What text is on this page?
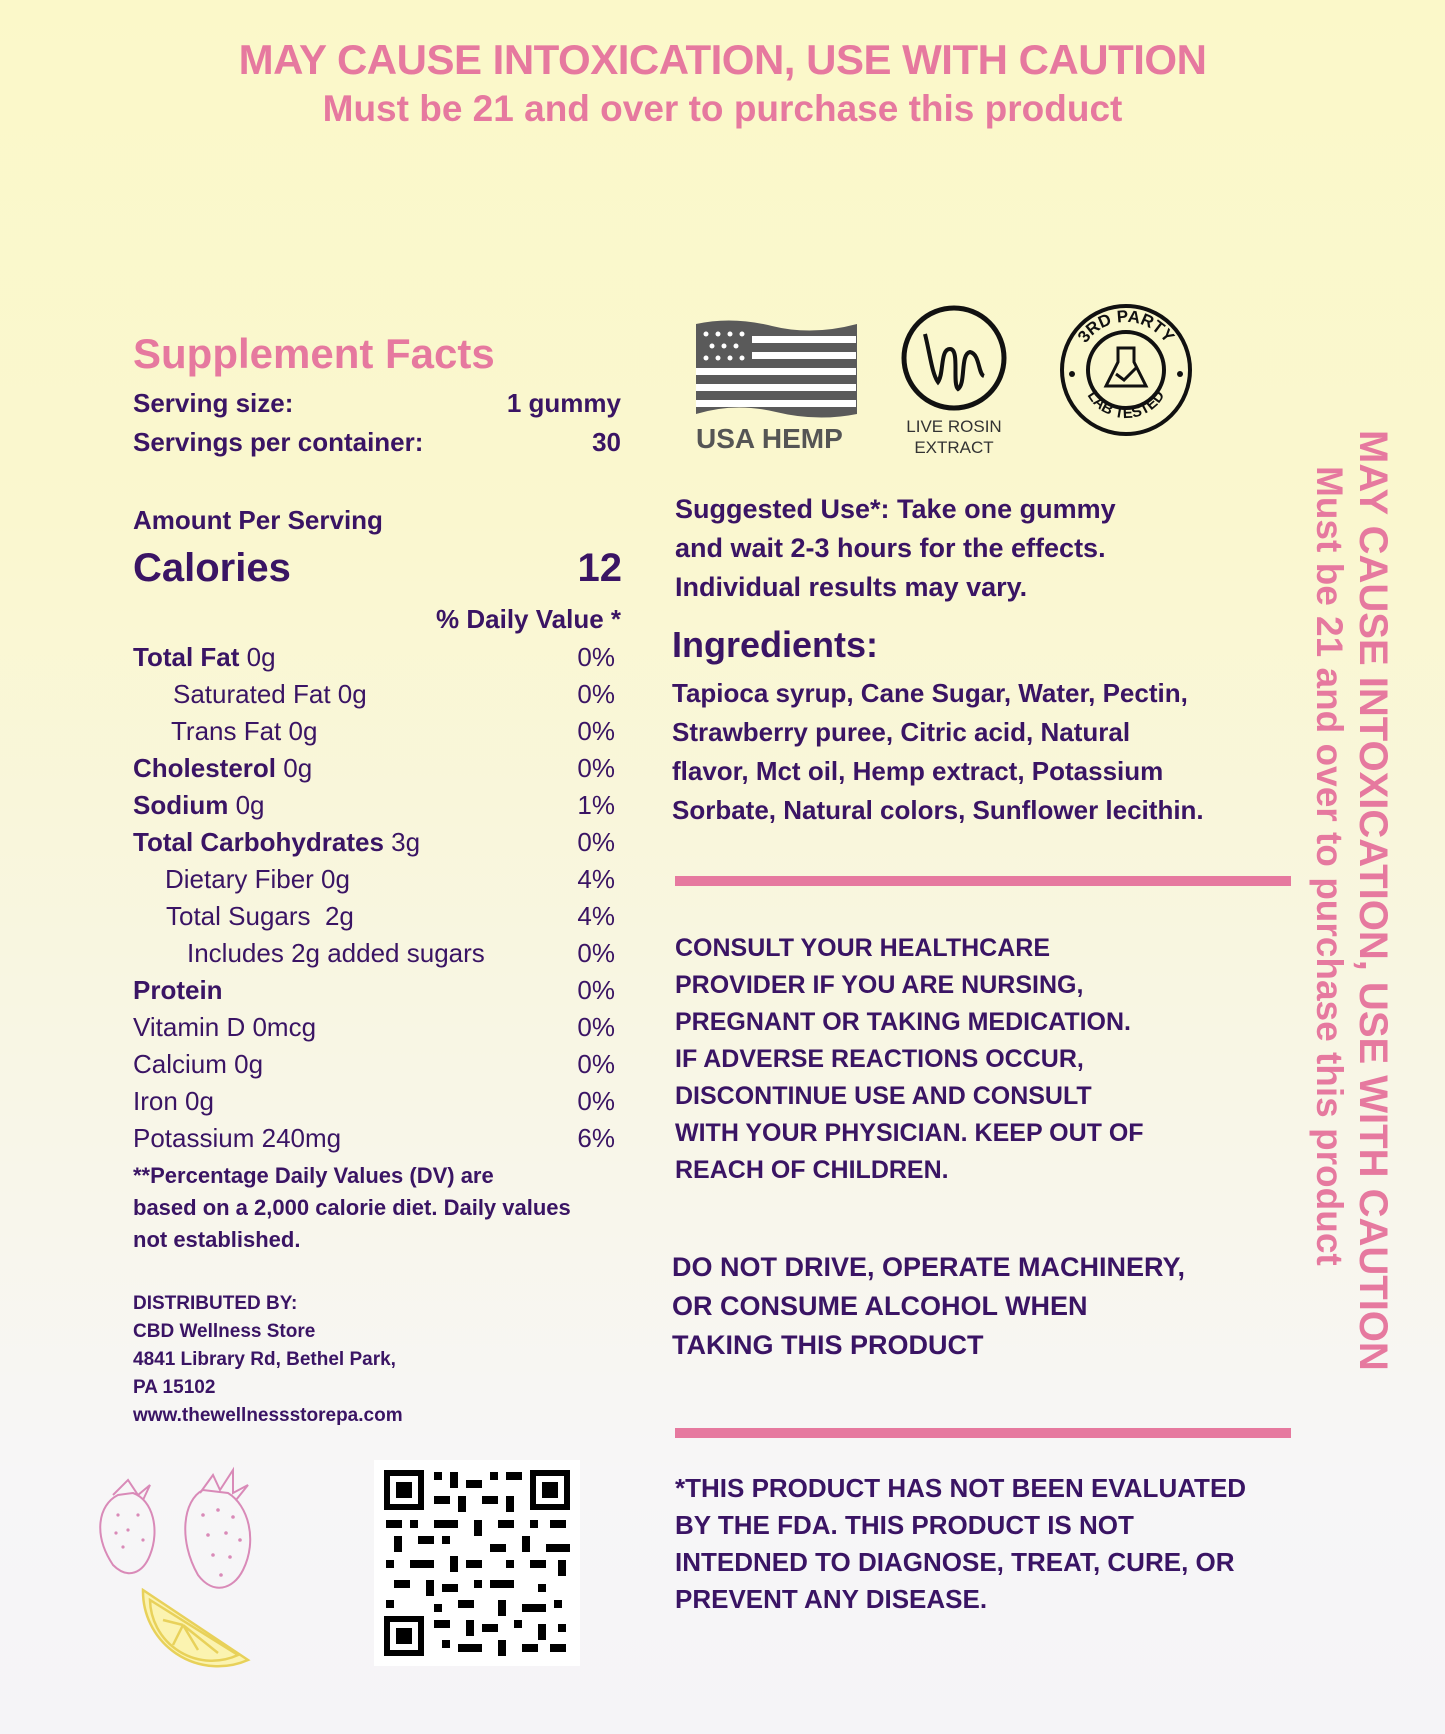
MAY CAUSE INTOXICATION, USE WITH CAUTION
Must be 21 and over to purchase this product
Supplement Facts
Serving size:	1 gummy
Servings per container:	30
Amount Per Serving
Calories	12
% Daily Value *
Total Fat 0g	0%
Saturated Fat 0g	0%
Trans Fat 0g	0%
Cholesterol 0g	0%
Sodium 0g	1%
Total Carbohydrates 3g	0%
Dietary Fiber 0g	4%
Total Sugars  2g	4%
Includes 2g added sugars	0%
Protein	0%
Vitamin D 0mcg	0%
Calcium 0g	0%
Iron 0g	0%
Potassium 240mg	6%
**Percentage Daily Values (DV) are
based on a 2,000 calorie diet. Daily values
not established.
DISTRIBUTED BY:
CBD Wellness Store
4841 Library Rd, Bethel Park,
PA 15102
www.thewellnessstorepa.com
USA HEMP	LIVE ROSIN
EXTRACT
3RD PARTY
LAB TESTED
Suggested Use*: Take one gummy
and wait 2-3 hours for the effects.
Individual results may vary.
Ingredients:
Tapioca syrup, Cane Sugar, Water, Pectin,
Strawberry puree, Citric acid, Natural
flavor, Mct oil, Hemp extract, Potassium
Sorbate, Natural colors, Sunflower lecithin.
CONSULT YOUR HEALTHCARE
PROVIDER IF YOU ARE NURSING,
PREGNANT OR TAKING MEDICATION.
IF ADVERSE REACTIONS OCCUR,
DISCONTINUE USE AND CONSULT
WITH YOUR PHYSICIAN. KEEP OUT OF
REACH OF CHILDREN.
DO NOT DRIVE, OPERATE MACHINERY,
OR CONSUME ALCOHOL WHEN
TAKING THIS PRODUCT
*THIS PRODUCT HAS NOT BEEN EVALUATED
BY THE FDA. THIS PRODUCT IS NOT
INTEDNED TO DIAGNOSE, TREAT, CURE, OR
PREVENT ANY DISEASE.
MAY CAUSE INTOXICATION, USE WITH CAUTION
Must be 21 and over to purchase this product
